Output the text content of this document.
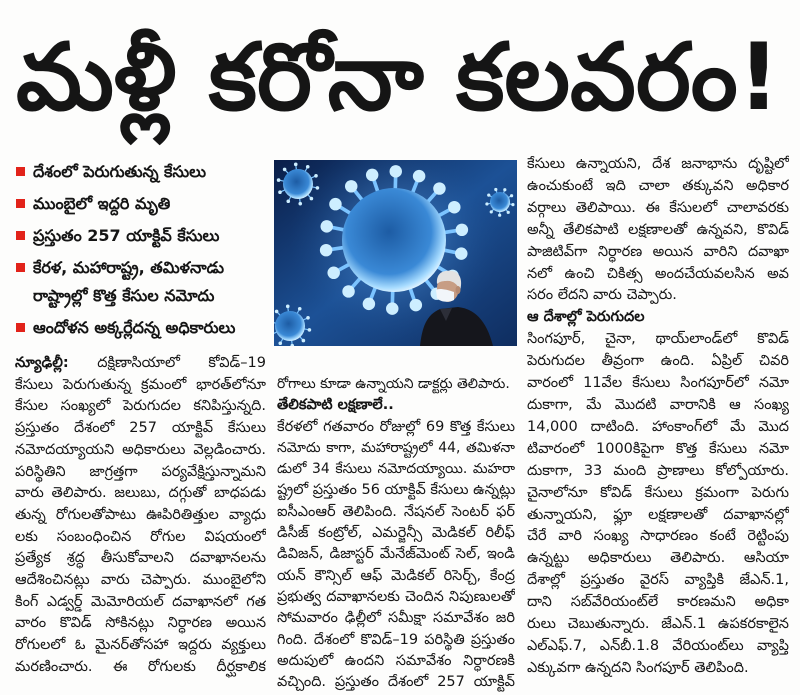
మళ్లీ కరోనా కలవరం!
దేశంలో పెరుగుతున్న కేసులు
ముంబైలో ఇద్దరి మృతి
ప్రస్తుతం 257 యాక్టివ్ కేసులు
కేరళ, మహారాష్ట్ర, తమిళనాడు
రాష్ట్రాల్లో కొత్త కేసుల నమోదు
ఆందోళన అక్కర్లేదన్న అధికారులు
న్యూఢిల్లీ: దక్షిణాసియాలో కోవిడ్–19
కేసులు పెరుగుతున్న క్రమంలో భారత్‌లోనూ
కేసుల సంఖ్యలో పెరుగుదల కనిపిస్తున్నది.
ప్రస్తుతం దేశంలో 257 యాక్టివ్ కేసులు
నమోదయ్యాయని అధికారులు వెల్లడించారు.
పరిస్థితిని జాగ్రత్తగా పర్యవేక్షిస్తున్నామని
వారు తెలిపారు. జలుబు, దగ్గుతో బాధపడు
తున్న రోగులతోపాటు ఊపిరితిత్తుల వ్యాధు
లకు సంబంధించిన రోగుల విషయంలో
ప్రత్యేక శ్రద్ధ తీసుకోవాలని దవాఖానలను
ఆదేశించినట్లు వారు చెప్పారు. ముంబైలోని
కింగ్ ఎడ్వర్డ్ మెమోరియల్ దవాఖానలో గత
వారం కొవిడ్ సోకినట్లు నిర్ధారణ అయిన
రోగులలో ఓ మైనర్‌తోసహా ఇద్దరు వ్యక్తులు
మరణించారు. ఈ రోగులకు దీర్ఘకాలిక
రోగాలు కూడా ఉన్నాయని డాక్టర్లు తెలిపారు.
తేలికపాటి లక్షణాలే..
కేరళలో గతవారం రోజుల్లో 69 కొత్త కేసులు
నమోదు కాగా, మహారాష్ట్రలో 44, తమిళనా
డులో 34 కేసులు నమోదయ్యాయి. మహరా
ష్ట్రలో ప్రస్తుతం 56 యాక్టివ్ కేసులు ఉన్నట్లు
ఐసీఎంఆర్ తెలిపింది. నేషనల్ సెంటర్ ఫర్
డిసీజ్ కంట్రోల్, ఎమర్జెన్సీ మెడికల్ రిలీఫ్
డివిజన్, డిజాస్టర్ మేనేజ్‌మెంట్ సెల్, ఇండి
యన్ కౌన్సిల్ ఆఫ్ మెడికల్ రిసెర్చ్, కేంద్ర
ప్రభుత్వ దవాఖానలకు చెందిన నిపుణులతో
సోమవారం ఢిల్లీలో సమీక్షా సమావేశం జరి
గింది. దేశంలో కొవిడ్–19 పరిస్థితి ప్రస్తుతం
అదుపులో ఉందని సమావేశం నిర్ధారణకి
వచ్చింది. ప్రస్తుతం దేశంలో 257 యాక్టివ్
కేసులు ఉన్నాయని, దేశ జనాభాను దృష్టిలో
ఉంచుకుంటే ఇది చాలా తక్కువని అధికార
వర్గాలు తెలిపాయి. ఈ కేసులలో చాలావరకు
అన్నీ తేలికపాటి లక్షణాలతో ఉన్నవని, కొవిడ్
పాజిటివ్‌గా నిర్ధారణ అయిన వారిని దవాఖా
నలో ఉంచి చికిత్స అందచేయవలసిన అవ
సరం లేదని వారు చెప్పారు.
ఆ దేశాల్లో పెరుగుదల
సింగపూర్, చైనా, థాయ్‌లాండ్‌లో కొవిడ్
పెరుగుదల తీవ్రంగా ఉంది. ఏప్రిల్ చివరి
వారంలో 11వేల కేసులు సింగపూర్‌లో నమో
దుకాగా, మే మొదటి వారానికి ఆ సంఖ్య
14,000 దాటింది. హాంకాంగ్‌లో మే మొద
టివారంలో 1000కిపైగా కొత్త కేసులు నమో
దుకాగా, 33 మంది ప్రాణాలు కోల్పోయారు.
చైనాలోనూ కోవిడ్ కేసులు క్రమంగా పెరుగు
తున్నాయని, ఫ్లూ లక్షణాలతో దవాఖానల్లో
చేరే వారి సంఖ్య సాధారణం కంటే రెట్టింపు
ఉన్నట్టు అధికారులు తెలిపారు. ఆసియా
దేశాల్లో ప్రస్తుతం వైరస్ వ్యాప్తికి జేఎన్.1,
దాని సబ్‌వేరియంట్‌లే కారణమని అధికా
రులు చెబుతున్నారు. జేఎన్.1 ఉపకరకాలైన
ఎల్ఎఫ్.7, ఎన్‌బీ.1.8 వేరియంట్‌లు వ్యాప్తి
ఎక్కువగా ఉన్నదని సింగపూర్ తెలిపింది.
